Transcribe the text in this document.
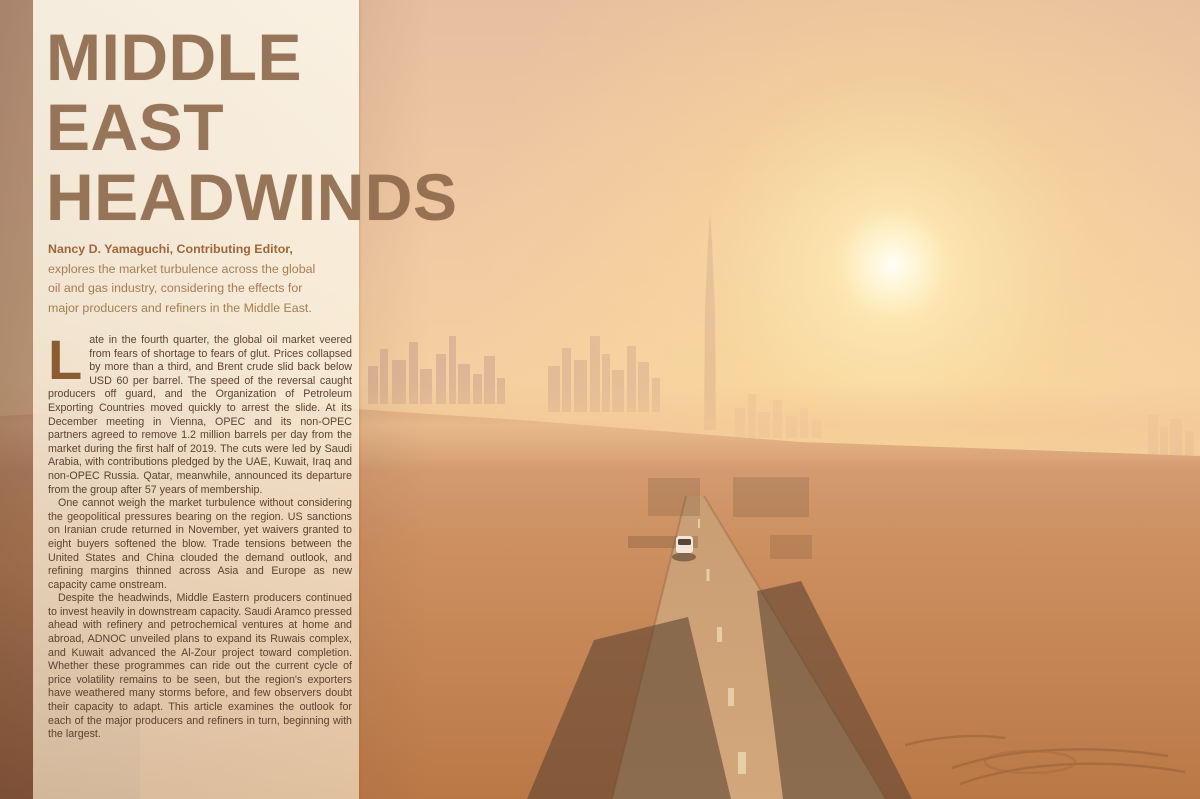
MIDDLE
EAST
HEADWINDS
Nancy D. Yamaguchi, Contributing Editor,
explores the market turbulence across the global
oil and gas industry, considering the effects for
major producers and refiners in the Middle East.

Late in the fourth quarter, the global oil market veered from fears of shortage to fears of glut. Prices collapsed by more than a third, and Brent crude slid back below USD 60 per barrel. The speed of the reversal caught producers off guard, and the Organization of Petroleum Exporting Countries moved quickly to arrest the slide. At its December meeting in Vienna, OPEC and its non-OPEC partners agreed to remove 1.2 million barrels per day from the market during the first half of 2019. The cuts were led by Saudi Arabia, with contributions pledged by the UAE, Kuwait, Iraq and non-OPEC Russia. Qatar, meanwhile, announced its departure from the group after 57 years of membership.

One cannot weigh the market turbulence without considering the geopolitical pressures bearing on the region. US sanctions on Iranian crude returned in November, yet waivers granted to eight buyers softened the blow. Trade tensions between the United States and China clouded the demand outlook, and refining margins thinned across Asia and Europe as new capacity came onstream.

Despite the headwinds, Middle Eastern producers continued to invest heavily in downstream capacity. Saudi Aramco pressed ahead with refinery and petrochemical ventures at home and abroad, ADNOC unveiled plans to expand its Ruwais complex, and Kuwait advanced the Al-Zour project toward completion. Whether these programmes can ride out the current cycle of price volatility remains to be seen, but the region's exporters have weathered many storms before, and few observers doubt their capacity to adapt. This article examines the outlook for each of the major producers and refiners in turn, beginning with the largest.
